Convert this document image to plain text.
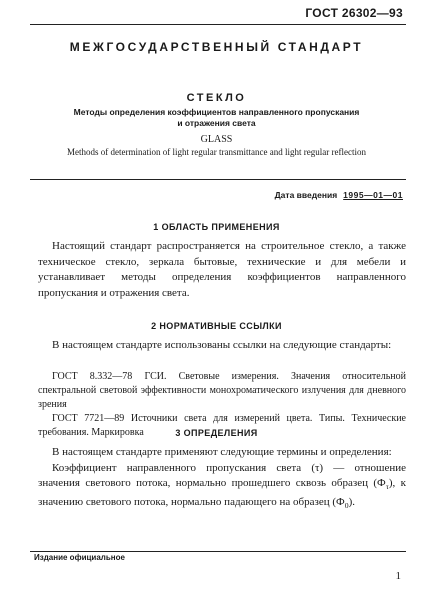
ГОСТ 26302—93
МЕЖГОСУДАРСТВЕННЫЙ СТАНДАРТ
СТЕКЛО
Методы определения коэффициентов направленного пропускания
и отражения света
GLASS
Methods of determination of light regular transmittance and light regular reflection
Дата введения 1995—01—01
1 ОБЛАСТЬ ПРИМЕНЕНИЯ

Настоящий стандарт распространяется на строительное стекло, а также техническое стекло, зеркала бытовые, технические и для мебели и устанавливает методы определения коэффициентов направленного пропускания и отражения света.

2 НОРМАТИВНЫЕ ССЫЛКИ

В настоящем стандарте использованы ссылки на следующие стандарты:

ГОСТ 8.332—78 ГСИ. Световые измерения. Значения относительной спектральной световой эффективности монохроматического излучения для дневного зрения

ГОСТ 7721—89 Источники света для измерений цвета. Типы. Технические требования. Маркировка	3 ОПРЕДЕЛЕНИЯ

В настоящем стандарте применяют следующие термины и определения:

Коэффициент направленного пропускания света (τ) — отношение значения светового потока, нормально прошедшего сквозь образец $(Ф_\tau)$, к значению светового потока, нормально падающего на образец $(Ф_0)$.

Издание официальное
1
